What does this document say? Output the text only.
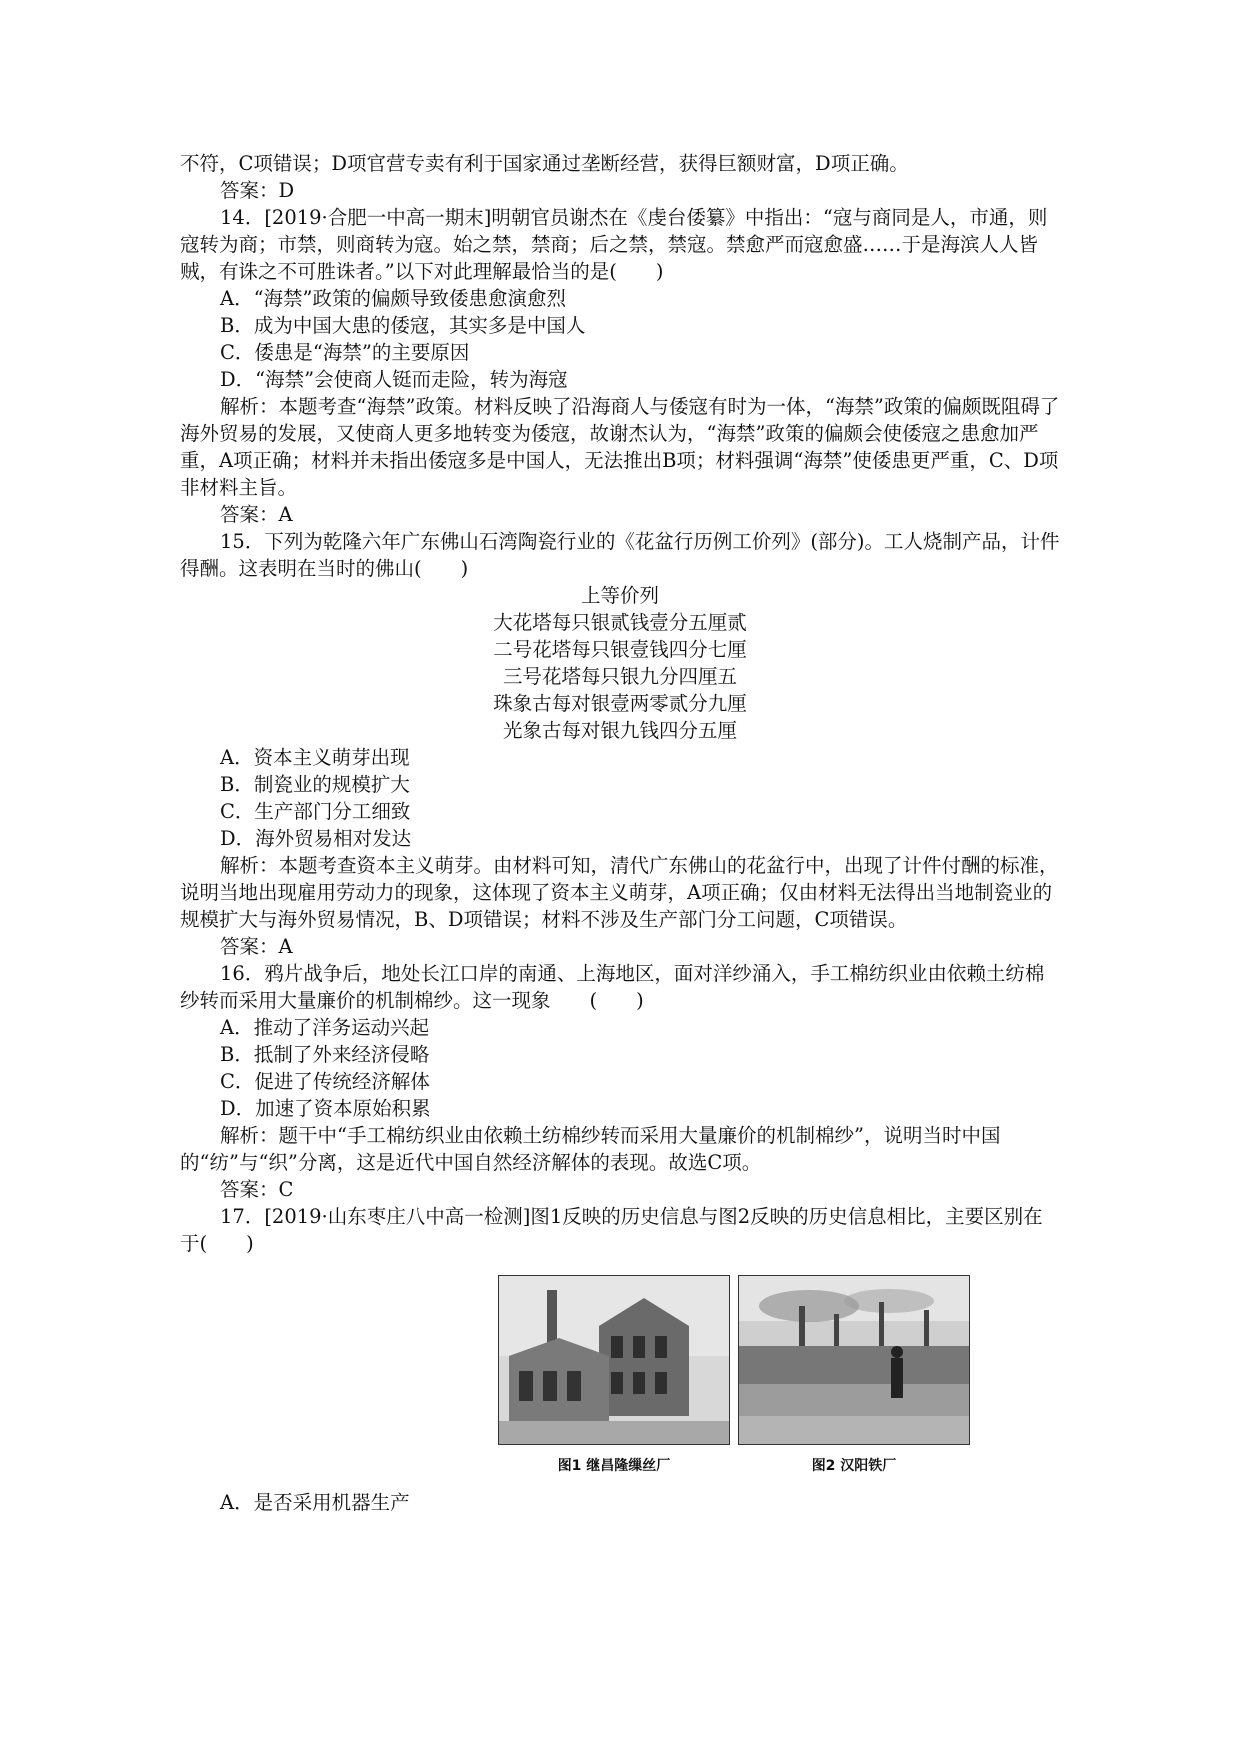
不符，C项错误；D项官营专卖有利于国家通过垄断经营，获得巨额财富，D项正确。

答案：D

14．[2019·合肥一中高一期末]明朝官员谢杰在《虔台倭纂》中指出：“寇与商同是人，市通，则寇转为商；市禁，则商转为寇。始之禁，禁商；后之禁，禁寇。禁愈严而寇愈盛……于是海滨人人皆贼，有诛之不可胜诛者。”以下对此理解最恰当的是(　　)

A．“海禁”政策的偏颇导致倭患愈演愈烈

B．成为中国大患的倭寇，其实多是中国人

C．倭患是“海禁”的主要原因

D．“海禁”会使商人铤而走险，转为海寇

解析：本题考查“海禁”政策。材料反映了沿海商人与倭寇有时为一体，“海禁”政策的偏颇既阻碍了海外贸易的发展，又使商人更多地转变为倭寇，故谢杰认为，“海禁”政策的偏颇会使倭寇之患愈加严重，A项正确；材料并未指出倭寇多是中国人，无法推出B项；材料强调“海禁”使倭患更严重，C、D项非材料主旨。

答案：A

15．下列为乾隆六年广东佛山石湾陶瓷行业的《花盆行历例工价列》(部分)。工人烧制产品，计件得酬。这表明在当时的佛山(　　)

上等价列

大花塔每只银贰钱壹分五厘贰

二号花塔每只银壹钱四分七厘

三号花塔每只银九分四厘五

珠象古每对银壹两零贰分九厘

光象古每对银九钱四分五厘

A．资本主义萌芽出现

B．制瓷业的规模扩大

C．生产部门分工细致

D．海外贸易相对发达

解析：本题考查资本主义萌芽。由材料可知，清代广东佛山的花盆行中，出现了计件付酬的标准，说明当地出现雇用劳动力的现象，这体现了资本主义萌芽，A项正确；仅由材料无法得出当地制瓷业的规模扩大与海外贸易情况，B、D项错误；材料不涉及生产部门分工问题，C项错误。

答案：A

16．鸦片战争后，地处长江口岸的南通、上海地区，面对洋纱涌入，手工棉纺织业由依赖土纺棉纱转而采用大量廉价的机制棉纱。这一现象　　(　　)

A．推动了洋务运动兴起

B．抵制了外来经济侵略

C．促进了传统经济解体

D．加速了资本原始积累

解析：题干中“手工棉纺织业由依赖土纺棉纱转而采用大量廉价的机制棉纱”，说明当时中国的“纺”与“织”分离，这是近代中国自然经济解体的表现。故选C项。

答案：C

17．[2019·山东枣庄八中高一检测]图1反映的历史信息与图2反映的历史信息相比，主要区别在于(　　)

图1 继昌隆缫丝厂	图2 汉阳铁厂

A．是否采用机器生产
